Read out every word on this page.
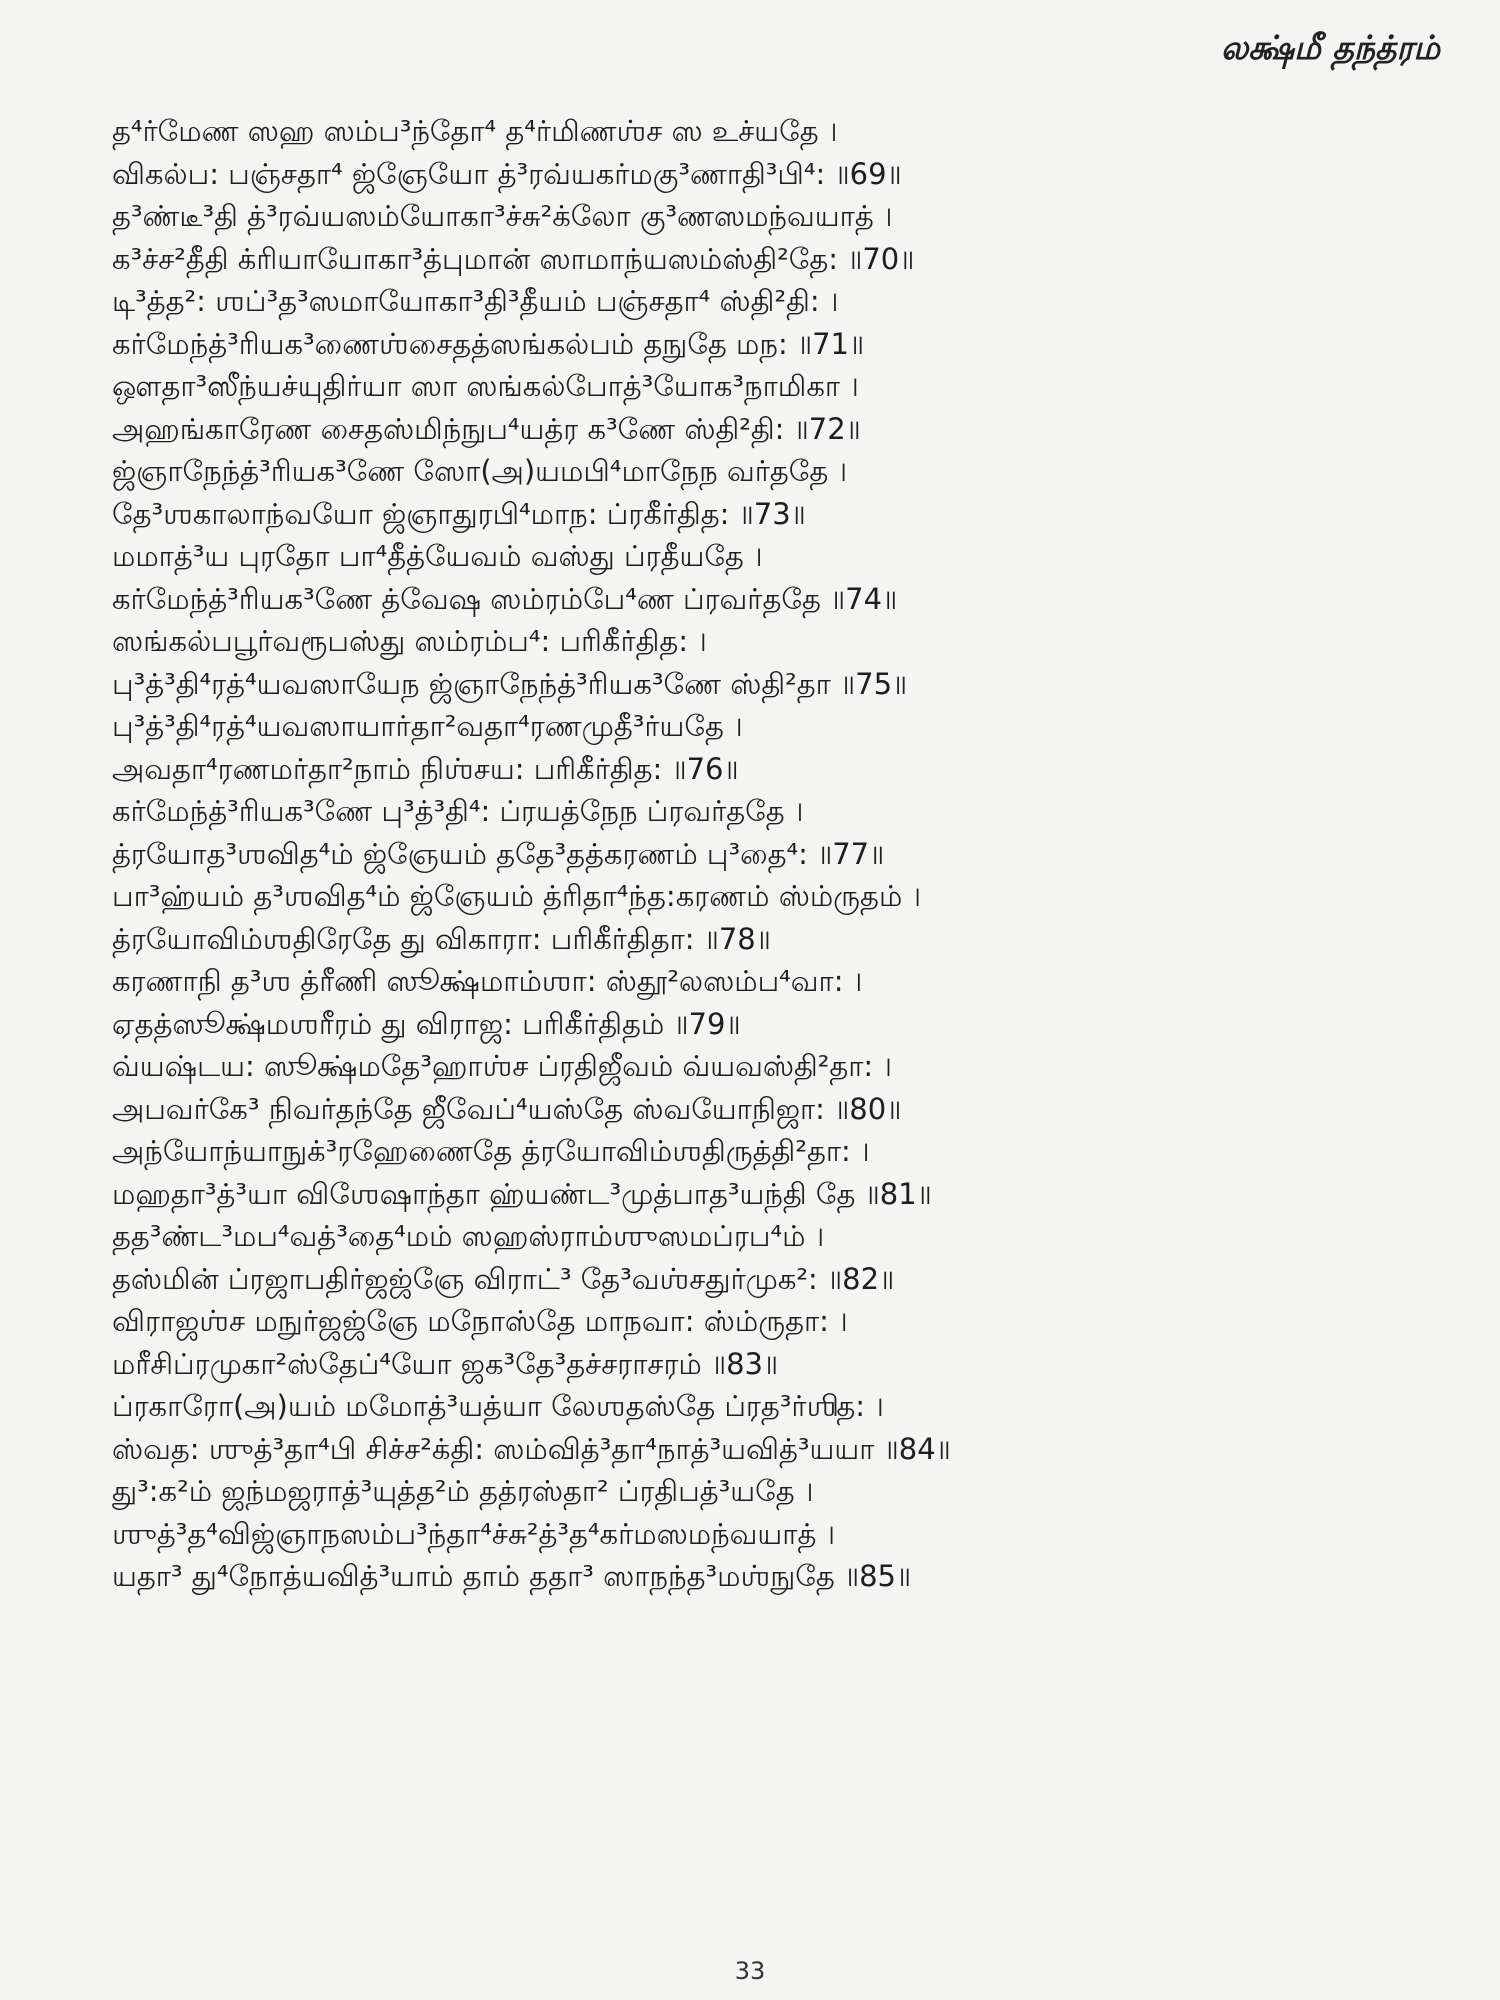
லக்ஷ்மீ தந்த்ரம்
த⁴ர்மேண ஸஹ ஸம்ப³ந்தோ⁴ த⁴ர்மிணஶ்ச ஸ உச்யதே ।
விகல்ப: பஞ்சதா⁴ ஜ்ஞேயோ த்³ரவ்யகர்மகு³ணாதி³பி⁴: ॥69॥
த³ண்டீ³தி த்³ரவ்யஸம்யோகா³ச்சு²க்லோ கு³ணஸமந்வயாத் ।
க³ச்ச²தீதி க்ரியாயோகா³த்புமான் ஸாமாந்யஸம்ஸ்தி²தே: ॥70॥
டி³த்த²: ஶப்³த³ஸமாயோகா³தி³தீயம் பஞ்சதா⁴ ஸ்தி²தி: ।
கர்மேந்த்³ரியக³ணைஶ்சைதத்ஸங்கல்பம் தநுதே மந: ॥71॥
ஔதா³ஸீந்யச்யுதிர்யா ஸா ஸங்கல்போத்³யோக³நாமிகா ।
அஹங்காரேண சைதஸ்மிந்நுப⁴யத்ர க³ணே ஸ்தி²தி: ॥72॥
ஜ்ஞாநேந்த்³ரியக³ணே ஸோ(அ)யமபி⁴மாநேந வர்ததே ।
தே³ஶகாலாந்வயோ ஜ்ஞாதுரபி⁴மாந: ப்ரகீர்தித: ॥73॥
மமாத்³ய புரதோ பா⁴தீத்யேவம் வஸ்து ப்ரதீயதே ।
கர்மேந்த்³ரியக³ணே த்வேஷ ஸம்ரம்பே⁴ண ப்ரவர்ததே ॥74॥
ஸங்கல்பபூர்வரூபஸ்து ஸம்ரம்ப⁴: பரிகீர்தித: ।
பு³த்³தி⁴ரத்⁴யவஸாயேந ஜ்ஞாநேந்த்³ரியக³ணே ஸ்தி²தா ॥75॥
பு³த்³தி⁴ரத்⁴யவஸாயார்தா²வதா⁴ரணமுதீ³ர்யதே ।
அவதா⁴ரணமர்தா²நாம் நிஶ்சய: பரிகீர்தித: ॥76॥
கர்மேந்த்³ரியக³ணே பு³த்³தி⁴: ப்ரயத்நேந ப்ரவர்ததே ।
த்ரயோத³ஶவித⁴ம் ஜ்ஞேயம் ததே³தத்கரணம் பு³தை⁴: ॥77॥
பா³ஹ்யம் த³ஶவித⁴ம் ஜ்ஞேயம் த்ரிதா⁴ந்த:கரணம் ஸ்ம்ருதம் ।
த்ரயோவிம்ஶதிரேதே து விகாரா: பரிகீர்திதா: ॥78॥
கரணாநி த³ஶ த்ரீணி ஸூக்ஷ்மாம்ஶா: ஸ்தூ²லஸம்ப⁴வா: ।
ஏதத்ஸூக்ஷ்மஶரீரம் து விராஜ: பரிகீர்திதம் ॥79॥
வ்யஷ்டய: ஸூக்ஷ்மதே³ஹாஶ்ச ப்ரதிஜீவம் வ்யவஸ்தி²தா: ।
அபவர்கே³ நிவர்தந்தே ஜீவேப்⁴யஸ்தே ஸ்வயோநிஜா: ॥80॥
அந்யோந்யாநுக்³ரஹேணைதே த்ரயோவிம்ஶதிருத்தி²தா: ।
மஹதா³த்³யா விஶேஷாந்தா ஹ்யண்ட³முத்பாத³யந்தி தே ॥81॥
தத³ண்ட³மப⁴வத்³தை⁴மம் ஸஹஸ்ராம்ஶுஸமப்ரப⁴ம் ।
தஸ்மின் ப்ரஜாபதிர்ஜஜ்ஞே விராட்³ தே³வஶ்சதுர்முக²: ॥82॥
விராஜஶ்ச மநுர்ஜஜ்ஞே மநோஸ்தே மாநவா: ஸ்ம்ருதா: ।
மரீசிப்ரமுகா²ஸ்தேப்⁴யோ ஜக³தே³தச்சராசரம் ॥83॥
ப்ரகாரோ(அ)யம் மமோத்³யத்யா லேஶதஸ்தே ப்ரத³ர்ஶித: ।
ஸ்வத: ஶுத்³தா⁴பி சிச்ச²க்தி: ஸம்வித்³தா⁴நாத்³யவித்³யயா ॥84॥
து³:க²ம் ஜந்மஜராத்³யுத்த²ம் தத்ரஸ்தா² ப்ரதிபத்³யதே ।
ஶுத்³த⁴விஜ்ஞாநஸம்ப³ந்தா⁴ச்சு²த்³த⁴கர்மஸமந்வயாத் ।
யதா³ து⁴நோத்யவித்³யாம் தாம் ததா³ ஸாநந்த³மஶ்நுதே ॥85॥
33
